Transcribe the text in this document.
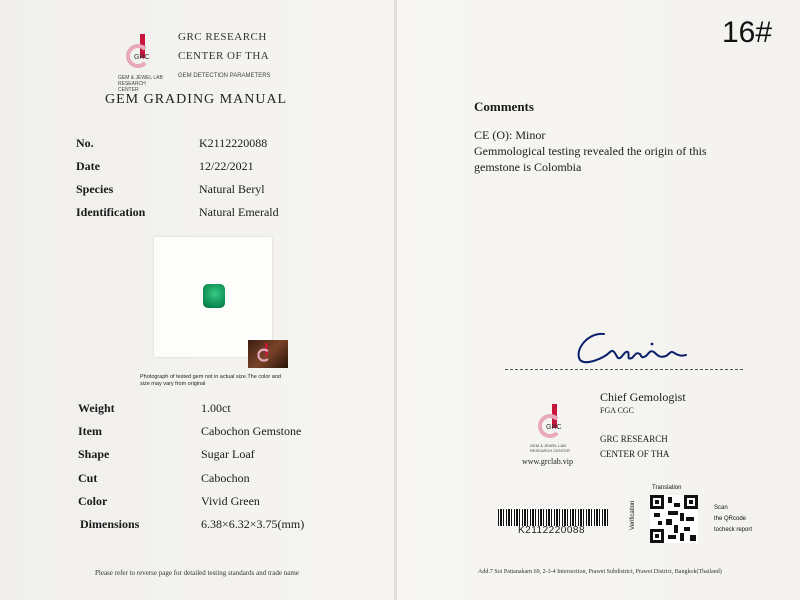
GRC
GEM & JEWEL LAB RESEARCH CENTER
GRC RESEARCH
CENTER OF THA
GEM DETECTION PARAMETERS
GEM GRADING MANUAL
No.	K2112220088
Date	12/22/2021
Species	Natural Beryl
Identification	Natural Emerald
Photograph of tested gem not in actual size.The color and size may vary from original
Weight	1.00ct
Item	Cabochon Gemstone
Shape	Sugar Loaf
Cut	Cabochon
Color	Vivid Green
Dimensions	6.38×6.32×3.75(mm)
Please refer to reverse page for detailed testing standards and trade name
16#
Comments
CE (O): Minor
Gemmological testing revealed the origin of this
gemstone is Colombia
Chief Gemologist
FGA CGC
GRC
GEM & JEWEL LAB RESEARCH CENTER
www.grclab.vip
GRC RESEARCH
CENTER OF THA
K2112220088
Translation
Verification	Scan
the QRcode
tocheck report
Add.7 Soi Pattanakarn 69, 2-3-4 Intersection, Prawet Subdistrict, Prawet District, Bangkok(Thailand)
